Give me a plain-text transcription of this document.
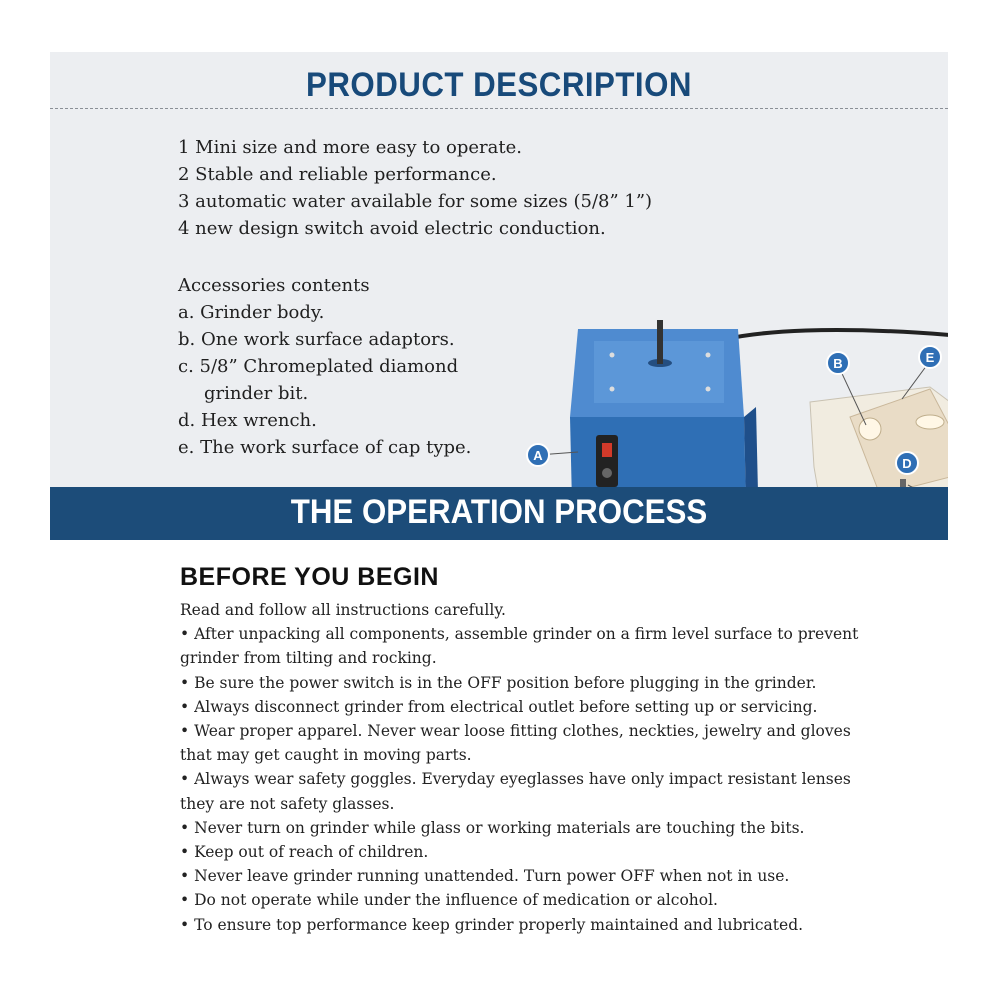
PRODUCT DESCRIPTION
1 Mini size and more easy to operate.
2 Stable and reliable performance.
3 automatic water available for some sizes (5/8” 1”)
4 new design switch avoid electric conduction.
Accessories contents
a. Grinder body.
b. One work surface adaptors.
c. 5/8” Chromeplated diamond
grinder bit.
d. Hex wrench.
e. The work surface of cap type.	A
B	E
D
THE OPERATION PROCESS
BEFORE YOU BEGIN
Read and follow all instructions carefully.
• After unpacking all components, assemble grinder on a firm level surface to prevent
grinder from tilting and rocking.
• Be sure the power switch is in the OFF position before plugging in the grinder.
• Always disconnect grinder from electrical outlet before setting up or servicing.
• Wear proper apparel. Never wear loose fitting clothes, neckties, jewelry and gloves
that may get caught in moving parts.
• Always wear safety goggles. Everyday eyeglasses have only impact resistant lenses
they are not safety glasses.
• Never turn on grinder while glass or working materials are touching the bits.
• Keep out of reach of children.
• Never leave grinder running unattended. Turn power OFF when not in use.
• Do not operate while under the influence of medication or alcohol.
• To ensure top performance keep grinder properly maintained and lubricated.
